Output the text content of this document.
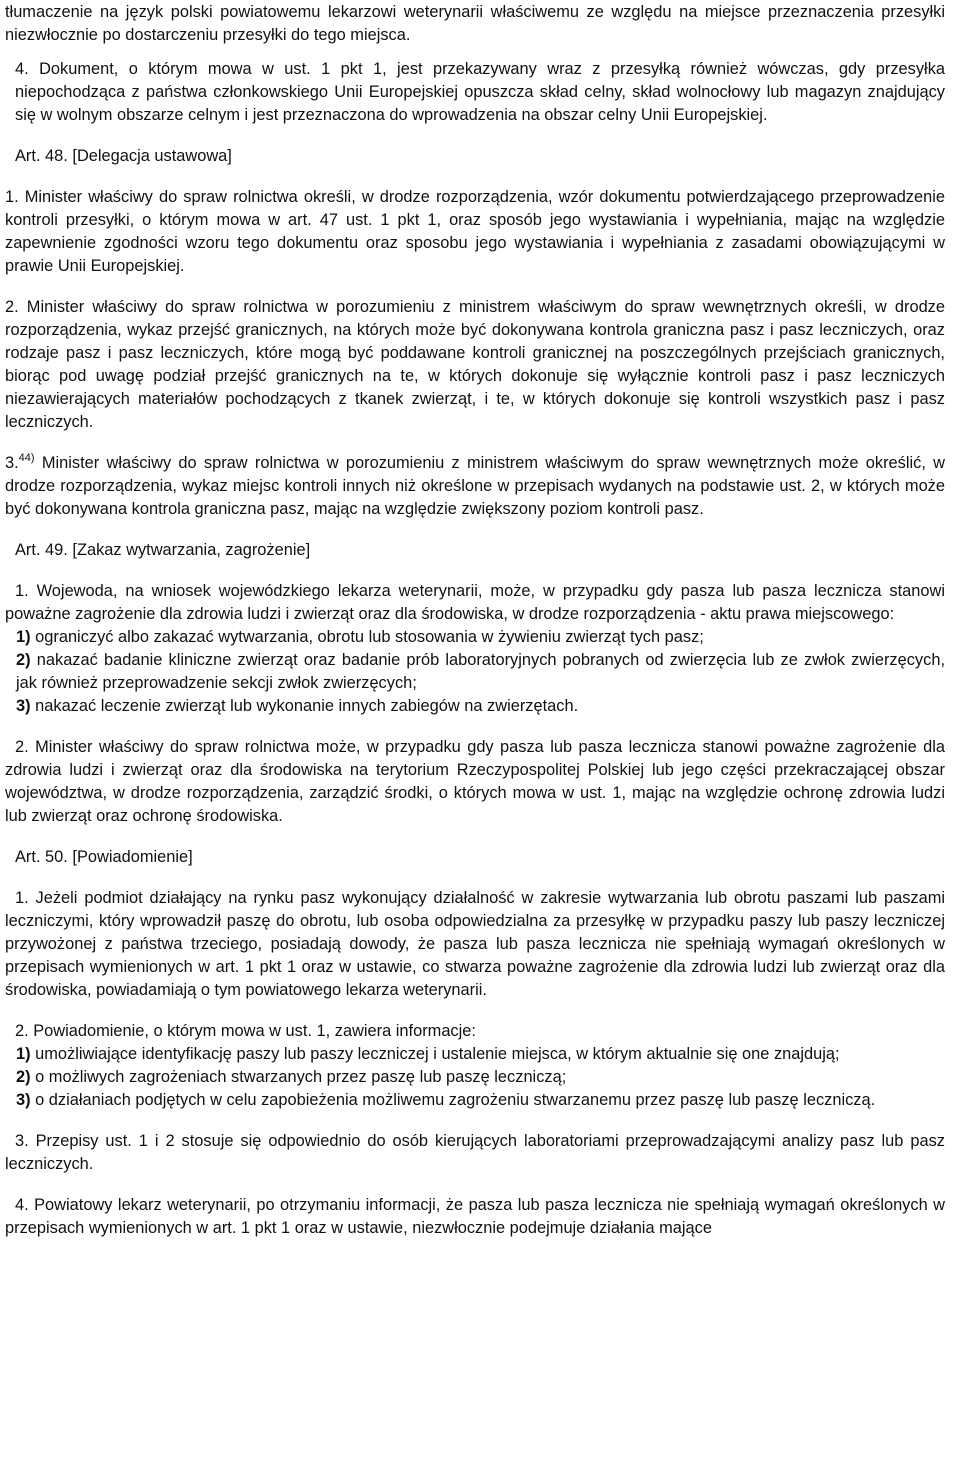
tłumaczenie na język polski powiatowemu lekarzowi weterynarii właściwemu ze względu na miejsce przeznaczenia przesyłki niezwłocznie po dostarczeniu przesyłki do tego miejsca.

4. Dokument, o którym mowa w ust. 1 pkt 1, jest przekazywany wraz z przesyłką również wówczas, gdy przesyłka niepochodząca z państwa członkowskiego Unii Europejskiej opuszcza skład celny, skład wolnocłowy lub magazyn znajdujący się w wolnym obszarze celnym i jest przeznaczona do wprowadzenia na obszar celny Unii Europejskiej.

Art. 48. [Delegacja ustawowa]

1. Minister właściwy do spraw rolnictwa określi, w drodze rozporządzenia, wzór dokumentu potwierdzającego przeprowadzenie kontroli przesyłki, o którym mowa w art. 47 ust. 1 pkt 1, oraz sposób jego wystawiania i wypełniania, mając na względzie zapewnienie zgodności wzoru tego dokumentu oraz sposobu jego wystawiania i wypełniania z zasadami obowiązującymi w prawie Unii Europejskiej.

2. Minister właściwy do spraw rolnictwa w porozumieniu z ministrem właściwym do spraw wewnętrznych określi, w drodze rozporządzenia, wykaz przejść granicznych, na których może być dokonywana kontrola graniczna pasz i pasz leczniczych, oraz rodzaje pasz i pasz leczniczych, które mogą być poddawane kontroli granicznej na poszczególnych przejściach granicznych, biorąc pod uwagę podział przejść granicznych na te, w których dokonuje się wyłącznie kontroli pasz i pasz leczniczych niezawierających materiałów pochodzących z tkanek zwierząt, i te, w których dokonuje się kontroli wszystkich pasz i pasz leczniczych.

3.$^{44)}$ Minister właściwy do spraw rolnictwa w porozumieniu z ministrem właściwym do spraw wewnętrznych może określić, w drodze rozporządzenia, wykaz miejsc kontroli innych niż określone w przepisach wydanych na podstawie ust. 2, w których może być dokonywana kontrola graniczna pasz, mając na względzie zwiększony poziom kontroli pasz.

Art. 49. [Zakaz wytwarzania, zagrożenie]

1. Wojewoda, na wniosek wojewódzkiego lekarza weterynarii, może, w przypadku gdy pasza lub pasza lecznicza stanowi poważne zagrożenie dla zdrowia ludzi i zwierząt oraz dla środowiska, w drodze rozporządzenia - aktu prawa miejscowego:

1) ograniczyć albo zakazać wytwarzania, obrotu lub stosowania w żywieniu zwierząt tych pasz;

2) nakazać badanie kliniczne zwierząt oraz badanie prób laboratoryjnych pobranych od zwierzęcia lub ze zwłok zwierzęcych, jak również przeprowadzenie sekcji zwłok zwierzęcych;

3) nakazać leczenie zwierząt lub wykonanie innych zabiegów na zwierzętach.

2. Minister właściwy do spraw rolnictwa może, w przypadku gdy pasza lub pasza lecznicza stanowi poważne zagrożenie dla zdrowia ludzi i zwierząt oraz dla środowiska na terytorium Rzeczypospolitej Polskiej lub jego części przekraczającej obszar województwa, w drodze rozporządzenia, zarządzić środki, o których mowa w ust. 1, mając na względzie ochronę zdrowia ludzi lub zwierząt oraz ochronę środowiska.

Art. 50. [Powiadomienie]

1. Jeżeli podmiot działający na rynku pasz wykonujący działalność w zakresie wytwarzania lub obrotu paszami lub paszami leczniczymi, który wprowadził paszę do obrotu, lub osoba odpowiedzialna za przesyłkę w przypadku paszy lub paszy leczniczej przywożonej z państwa trzeciego, posiadają dowody, że pasza lub pasza lecznicza nie spełniają wymagań określonych w przepisach wymienionych w art. 1 pkt 1 oraz w ustawie, co stwarza poważne zagrożenie dla zdrowia ludzi lub zwierząt oraz dla środowiska, powiadamiają o tym powiatowego lekarza weterynarii.

2. Powiadomienie, o którym mowa w ust. 1, zawiera informacje:

1) umożliwiające identyfikację paszy lub paszy leczniczej i ustalenie miejsca, w którym aktualnie się one znajdują;

2) o możliwych zagrożeniach stwarzanych przez paszę lub paszę leczniczą;

3) o działaniach podjętych w celu zapobieżenia możliwemu zagrożeniu stwarzanemu przez paszę lub paszę leczniczą.

3. Przepisy ust. 1 i 2 stosuje się odpowiednio do osób kierujących laboratoriami przeprowadzającymi analizy pasz lub pasz leczniczych.

4. Powiatowy lekarz weterynarii, po otrzymaniu informacji, że pasza lub pasza lecznicza nie spełniają wymagań określonych w przepisach wymienionych w art. 1 pkt 1 oraz w ustawie, niezwłocznie podejmuje działania mające
